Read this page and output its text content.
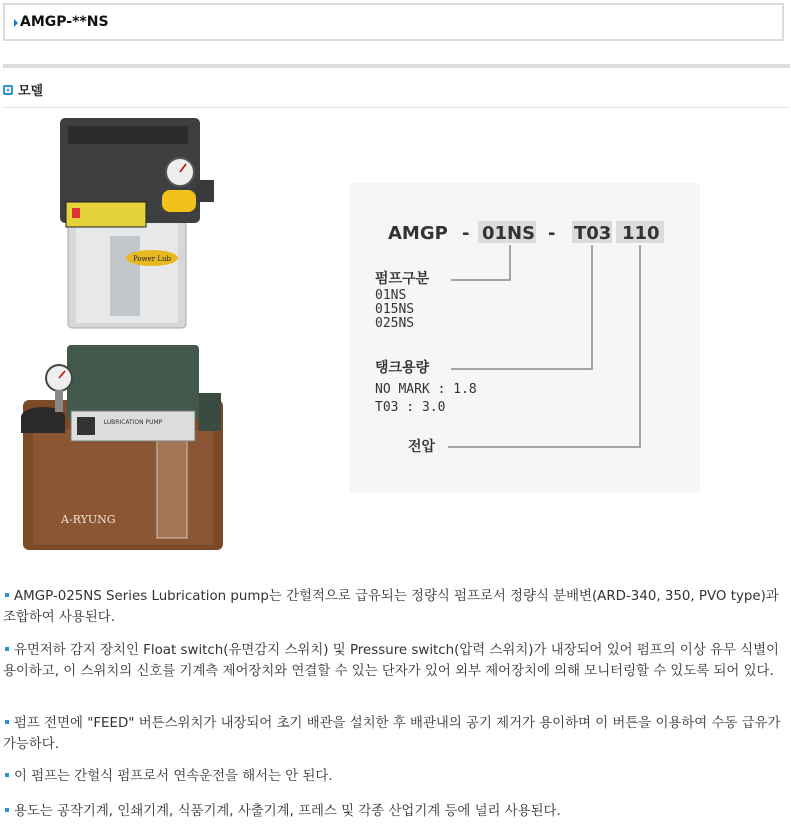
AMGP-**NS
모델
Power Lub
LUBRICATION PUMP
A-RYUNG
AMGP - 01NS - T03 110
펌프구분
01NS
015NS
025NS
탱크용량
NO MARK : 1.8
T03 : 3.0
전압
AMGP-025NS Series Lubrication pump는 간헐적으로 급유되는 정량식 펌프로서 정량식 분배변(ARD-340, 350, PVO type)과 조합하여 사용된다.
유면저하 감지 장치인 Float switch(유면감지 스위치) 및 Pressure switch(압력 스위치)가 내장되어 있어 펌프의 이상 유무 식별이 용이하고, 이 스위치의 신호를 기계측 제어장치와 연결할 수 있는 단자가 있어 외부 제어장치에 의해 모니터링할 수 있도록 되어 있다.
펌프 전면에 "FEED" 버튼스위치가 내장되어 초기 배관을 설치한 후 배관내의 공기 제거가 용이하며 이 버튼을 이용하여 수동 급유가 가능하다.
이 펌프는 간헐식 펌프로서 연속운전을 해서는 안 된다.
용도는 공작기계, 인쇄기계, 식품기계, 사출기계, 프레스 및 각종 산업기계 등에 널리 사용된다.
